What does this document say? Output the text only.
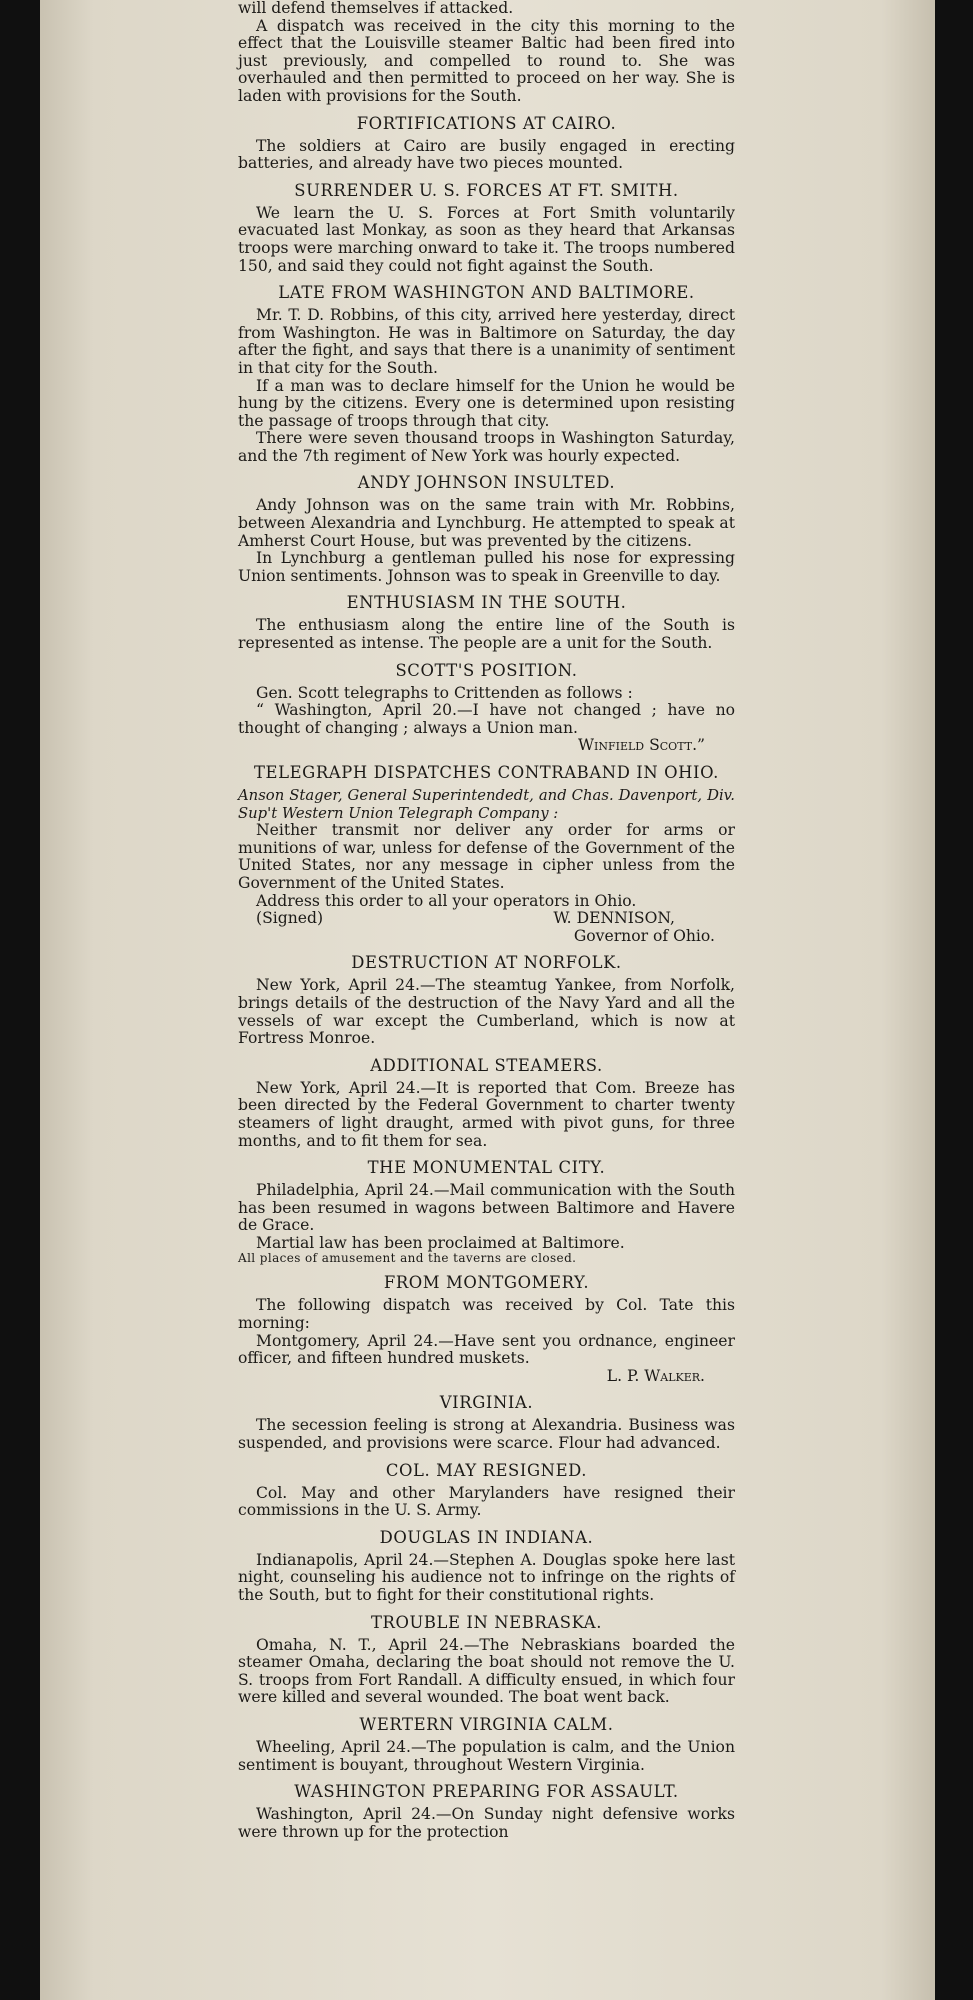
will defend themselves if attacked.

A dispatch was received in the city this morning to the effect that the Louisville steamer Baltic had been fired into just previously, and compelled to round to. She was overhauled and then permitted to proceed on her way. She is laden with provisions for the South.

FORTIFICATIONS AT CAIRO.

The soldiers at Cairo are busily engaged in erecting batteries, and already have two pieces mounted.

SURRENDER U. S. FORCES AT FT. SMITH.

We learn the U. S. Forces at Fort Smith voluntarily evacuated last Monkay, as soon as they heard that Arkansas troops were marching onward to take it. The troops numbered 150, and said they could not fight against the South.

LATE FROM WASHINGTON AND BALTIMORE.

Mr. T. D. Robbins, of this city, arrived here yesterday, direct from Washington. He was in Baltimore on Saturday, the day after the fight, and says that there is a unanimity of sentiment in that city for the South.

If a man was to declare himself for the Union he would be hung by the citizens. Every one is determined upon resisting the passage of troops through that city.

There were seven thousand troops in Washington Saturday, and the 7th regiment of New York was hourly expected.

ANDY JOHNSON INSULTED.

Andy Johnson was on the same train with Mr. Robbins, between Alexandria and Lynchburg. He attempted to speak at Amherst Court House, but was prevented by the citizens.

In Lynchburg a gentleman pulled his nose for expressing Union sentiments. Johnson was to speak in Greenville to day.

ENTHUSIASM IN THE SOUTH.

The enthusiasm along the entire line of the South is represented as intense. The people are a unit for the South.

SCOTT'S POSITION.

Gen. Scott telegraphs to Crittenden as follows :

“ Washington, April 20.—I have not changed ; have no thought of changing ; always a Union man.

Winfield Scott.”

TELEGRAPH DISPATCHES CONTRABAND IN OHIO.

Anson Stager, General Superintendedt, and Chas. Davenport, Div. Sup't Western Union Telegraph Company :

Neither transmit nor deliver any order for arms or munitions of war, unless for defense of the Government of the United States, nor any message in cipher unless from the Government of the United States.

Address this order to all your operators in Ohio.

(Signed)	W. DENNISON,

Governor of Ohio.

DESTRUCTION AT NORFOLK.

New York, April 24.—The steamtug Yankee, from Norfolk, brings details of the destruction of the Navy Yard and all the vessels of war except the Cumberland, which is now at Fortress Monroe.

ADDITIONAL STEAMERS.

New York, April 24.—It is reported that Com. Breeze has been directed by the Federal Government to charter twenty steamers of light draught, armed with pivot guns, for three months, and to fit them for sea.

THE MONUMENTAL CITY.

Philadelphia, April 24.—Mail communication with the South has been resumed in wagons between Baltimore and Havere de Grace.

Martial law has been proclaimed at Baltimore.

All places of amusement and the taverns are closed.

FROM MONTGOMERY.

The following dispatch was received by Col. Tate this morning:

Montgomery, April 24.—Have sent you ordnance, engineer officer, and fifteen hundred muskets.

L. P. Walker.

VIRGINIA.

The secession feeling is strong at Alexandria. Business was suspended, and provisions were scarce. Flour had advanced.

COL. MAY RESIGNED.

Col. May and other Marylanders have resigned their commissions in the U. S. Army.

DOUGLAS IN INDIANA.

Indianapolis, April 24.—Stephen A. Douglas spoke here last night, counseling his audience not to infringe on the rights of the South, but to fight for their constitutional rights.

TROUBLE IN NEBRASKA.

Omaha, N. T., April 24.—The Nebraskians boarded the steamer Omaha, declaring the boat should not remove the U. S. troops from Fort Randall. A difficulty ensued, in which four were killed and several wounded. The boat went back.

WERTERN VIRGINIA CALM.

Wheeling, April 24.—The population is calm, and the Union sentiment is bouyant, throughout Western Virginia.

WASHINGTON PREPARING FOR ASSAULT.

Washington, April 24.—On Sunday night defensive works were thrown up for the protection
